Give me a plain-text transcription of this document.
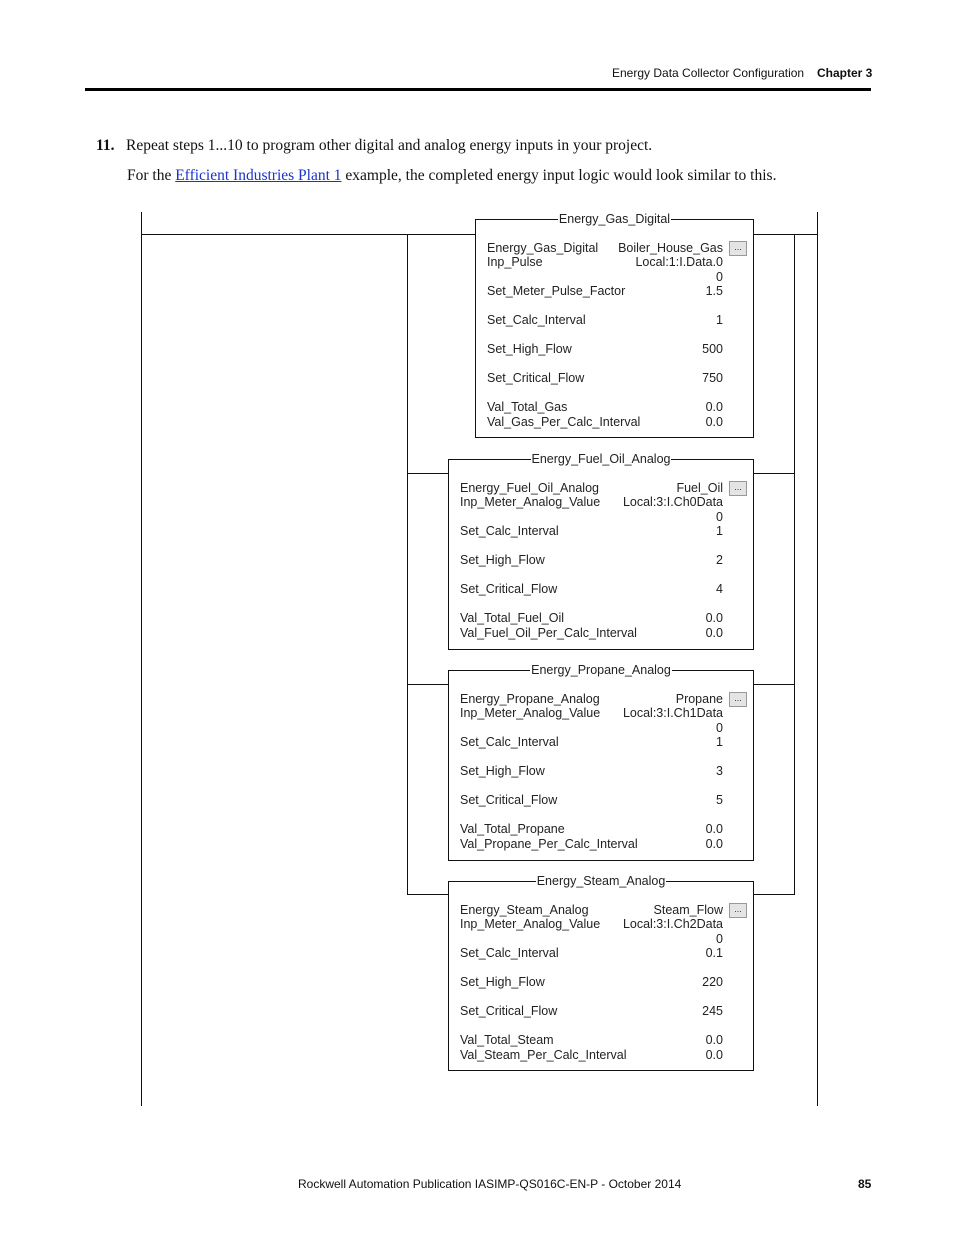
Energy Data Collector Configuration Chapter 3
11. Repeat steps 1...10 to program other digital and analog energy inputs in your project.
For the Efficient Industries Plant 1 example, the completed energy input logic would look similar to this.
Energy_Gas_Digital
...
Energy_Gas_Digital Boiler_House_Gas
Inp_Pulse	Local:1:I.Data.0
0
Set_Meter_Pulse_Factor	1.5
Set_Calc_Interval	1
Set_High_Flow	500
Set_Critical_Flow	750
Val_Total_Gas	0.0
Val_Gas_Per_Calc_Interval	0.0
Energy_Fuel_Oil_Analog
...
Energy_Fuel_Oil_Analog	Fuel_Oil
Inp_Meter_Analog_Value Local:3:I.Ch0Data
0
Set_Calc_Interval	1
Set_High_Flow	2
Set_Critical_Flow	4
Val_Total_Fuel_Oil	0.0
Val_Fuel_Oil_Per_Calc_Interval	0.0
Energy_Propane_Analog
...
Energy_Propane_Analog	Propane
Inp_Meter_Analog_Value Local:3:I.Ch1Data
0
Set_Calc_Interval	1
Set_High_Flow	3
Set_Critical_Flow	5
Val_Total_Propane	0.0
Val_Propane_Per_Calc_Interval	0.0
Energy_Steam_Analog
...
Energy_Steam_Analog	Steam_Flow
Inp_Meter_Analog_Value Local:3:I.Ch2Data
0
Set_Calc_Interval	0.1
Set_High_Flow	220
Set_Critical_Flow	245
Val_Total_Steam	0.0
Val_Steam_Per_Calc_Interval	0.0
Rockwell Automation Publication IASIMP-QS016C-EN-P - October 2014	85
